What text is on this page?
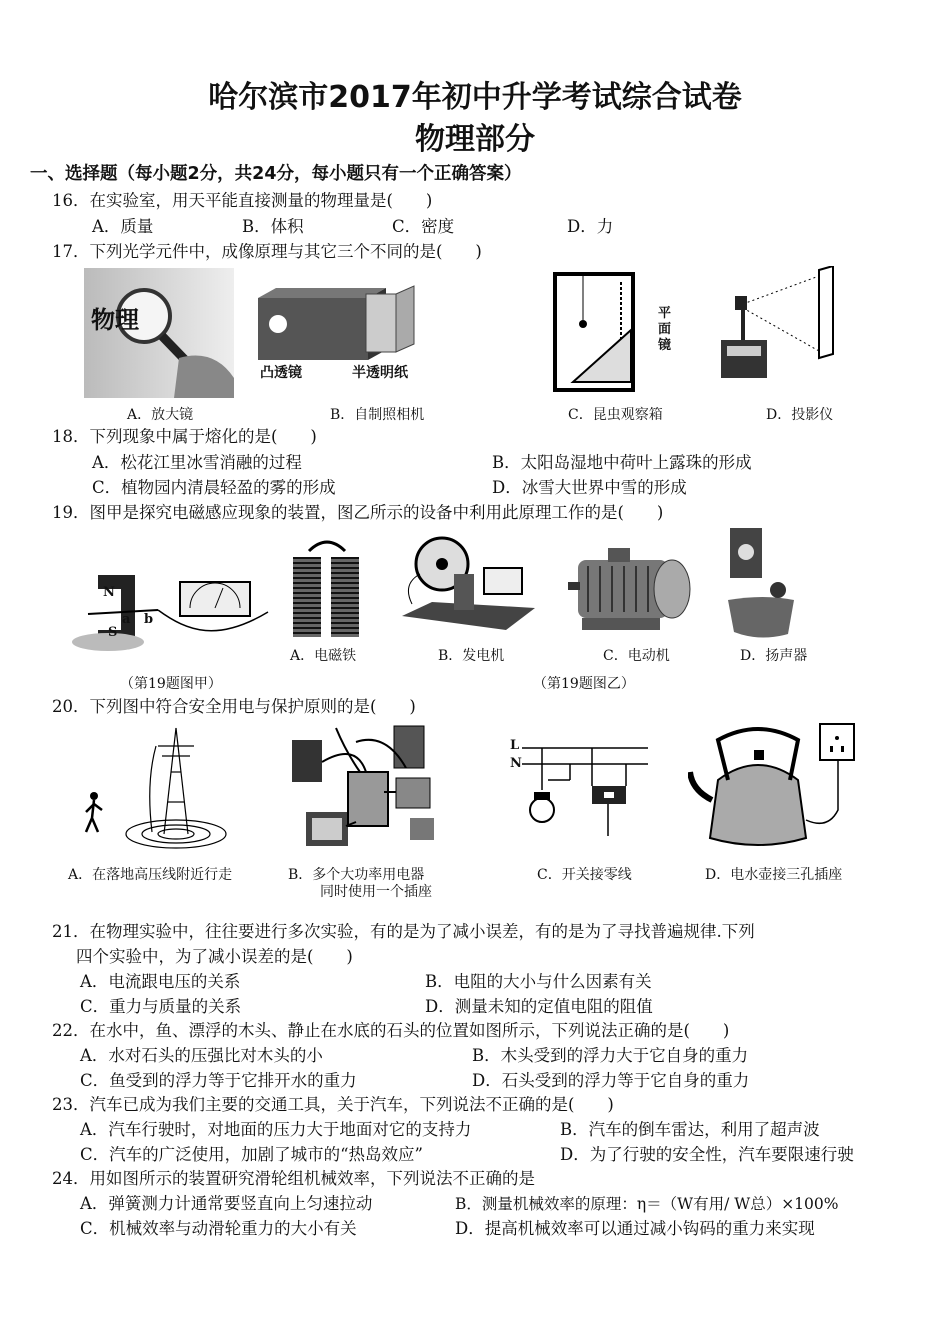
哈尔滨市2017年初中升学考试综合试卷
物理部分
一、选择题（每小题2分，共24分，每小题只有一个正确答案）
16．在实验室，用天平能直接测量的物理量是(　　)
A．质量	B．体积	C．密度	D．力
17．下列光学元件中，成像原理与其它三个不同的是(　　)
物理
凸透镜	半透明纸
平
面
镜
A．放大镜	B．自制照相机	C．昆虫观察箱	D．投影仪
18．下列现象中属于熔化的是(　　)
A．松花江里冰雪消融的过程	B．太阳岛湿地中荷叶上露珠的形成
C．植物园内清晨轻盈的雾的形成	D．冰雪大世界中雪的形成
19．图甲是探究电磁感应现象的装置，图乙所示的设备中利用此原理工作的是(　　)
N
S
a b
A．电磁铁	B．发电机	C．电动机	D．扬声器
（第19题图甲）	（第19题图乙）
20．下列图中符合安全用电与保护原则的是(　　)
L
N
A．在落地高压线附近行走	B．多个大功率用电器
同时使用一个插座
C．开关接零线	D．电水壶接三孔插座
21．在物理实验中，往往要进行多次实验，有的是为了减小误差，有的是为了寻找普遍规律.下列
四个实验中，为了减小误差的是(　　)
A．电流跟电压的关系	B．电阻的大小与什么因素有关
C．重力与质量的关系	D．测量未知的定值电阻的阻值
22．在水中，鱼、漂浮的木头、静止在水底的石头的位置如图所示，下列说法正确的是(　　)
A．水对石头的压强比对木头的小	B．木头受到的浮力大于它自身的重力
C．鱼受到的浮力等于它排开水的重力	D．石头受到的浮力等于它自身的重力
23．汽车已成为我们主要的交通工具，关于汽车，下列说法不正确的是(　　)
A．汽车行驶时，对地面的压力大于地面对它的支持力	B．汽车的倒车雷达，利用了超声波
C．汽车的广泛使用，加剧了城市的“热岛效应”	D．为了行驶的安全性，汽车要限速行驶
24．用如图所示的装置研究滑轮组机械效率，下列说法不正确的是
A．弹簧测力计通常要竖直向上匀速拉动	B．测量机械效率的原理：η＝（W有用/ W总）×100%
C．机械效率与动滑轮重力的大小有关	D．提高机械效率可以通过减小钩码的重力来实现
